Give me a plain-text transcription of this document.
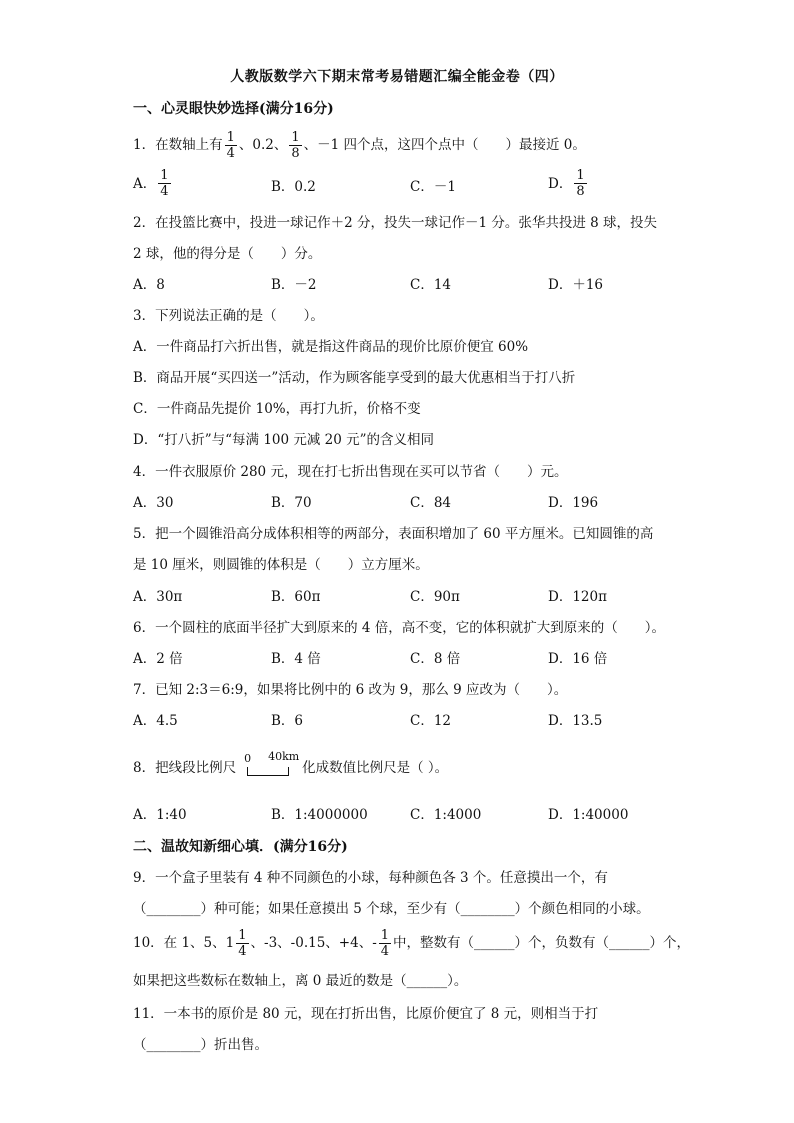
人教版数学六下期末常考易错题汇编全能金卷（四）
一、心灵眼快妙选择(满分16分)
1．在数轴上有 $\frac{1}{4}$ 、0.2、 $\frac{1}{8}$ 、－1 四个点，这四个点中（　　）最接近 0。
A． $\frac{1}{4}$	B．0.2	C．－1	D． $\frac{1}{8}$
2．在投篮比赛中，投进一球记作＋2 分，投失一球记作－1 分。张华共投进 8 球，投失
2 球，他的得分是（　　）分。
A．8	B．－2	C．14	D．＋16
3．下列说法正确的是（　　）。
A．一件商品打六折出售，就是指这件商品的现价比原价便宜 60%
B．商品开展“买四送一”活动，作为顾客能享受到的最大优惠相当于打八折
C．一件商品先提价 10%，再打九折，价格不变
D．“打八折”与“每满 100 元减 20 元”的含义相同
4．一件衣服原价 280 元，现在打七折出售现在买可以节省（　　）元。
A．30	B．70	C．84	D．196
5．把一个圆锥沿高分成体积相等的两部分，表面积增加了 60 平方厘米。已知圆锥的高
是 10 厘米，则圆锥的体积是（　　）立方厘米。
A．30π	B．60π	C．90π	D．120π
6．一个圆柱的底面半径扩大到原来的 4 倍，高不变，它的体积就扩大到原来的（　　）。
A．2 倍	B．4 倍	C．8 倍	D．16 倍
7．已知 2:3＝6:9，如果将比例中的 6 改为 9，那么 9 应改为（　　）。
A．4.5	B．6	C．12	D．13.5
8．把线段比例尺
0 40km
化成数值比例尺是（ ）。
A．1:40	B．1:4000000	C．1:4000	D．1:40000
二、温故知新细心填．(满分16分)
9．一个盒子里装有 4 种不同颜色的小球，每种颜色各 3 个。任意摸出一个，有
（________）种可能；如果任意摸出 5 个球，至少有（________）个颜色相同的小球。
10．在 1、5、$1 \frac{1}{4}$ 、-3、-0.15、+4、- $\frac{1}{4}$ 中，整数有（______）个，负数有（______）个，
如果把这些数标在数轴上，离 0 最近的数是（______）。
11．一本书的原价是 80 元，现在打折出售，比原价便宜了 8 元，则相当于打
（________）折出售。
